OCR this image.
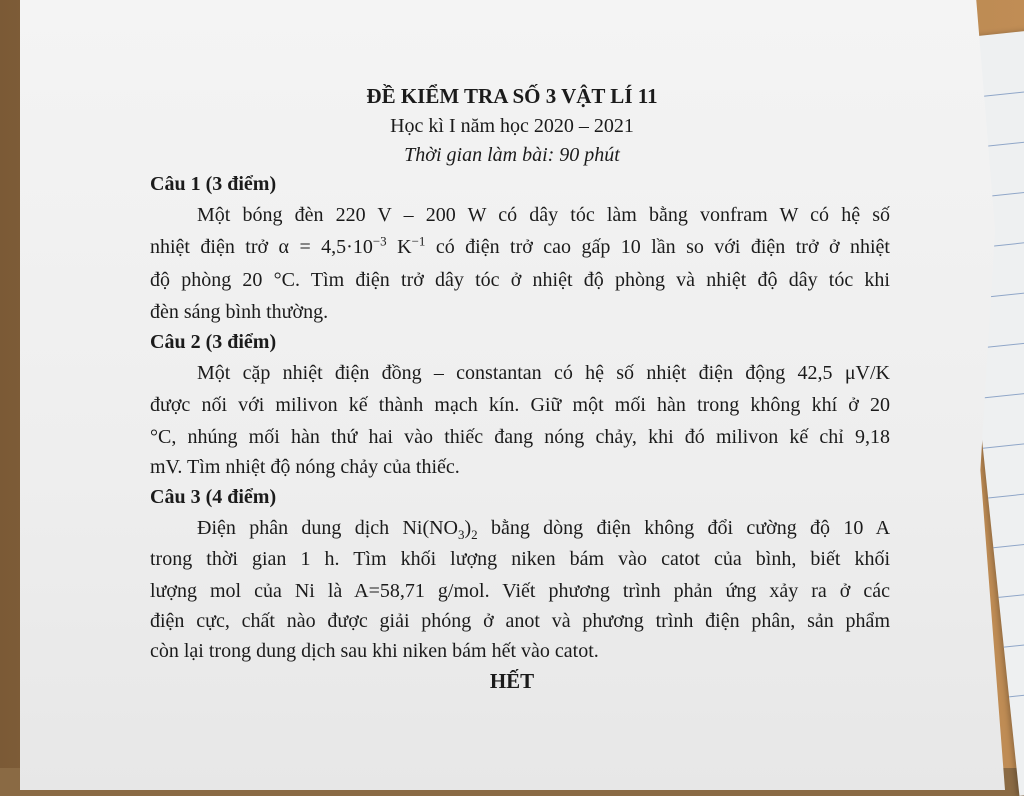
ĐỀ KIỂM TRA SỐ 3 VẬT LÍ 11
Học kì I năm học 2020 – 2021
Thời gian làm bài: 90 phút
Câu 1 (3 điểm)
Một bóng đèn 220 V – 200 W có dây tóc làm bằng vonfram W có hệ số
nhiệt điện trở $\alpha = 4,5\cdot 10^{-3}$ $K^{-1}$ có điện trở cao gấp 10 lần so với điện trở ở nhiệt
độ phòng 20 °C. Tìm điện trở dây tóc ở nhiệt độ phòng và nhiệt độ dây tóc khi
đèn sáng bình thường.
Câu 2 (3 điểm)
Một cặp nhiệt điện đồng – constantan có hệ số nhiệt điện động 42,5 μV/K
được nối với milivon kế thành mạch kín. Giữ một mối hàn trong không khí ở 20
°C, nhúng mối hàn thứ hai vào thiếc đang nóng chảy, khi đó milivon kế chỉ 9,18
mV. Tìm nhiệt độ nóng chảy của thiếc.
Câu 3 (4 điểm)
Điện phân dung dịch $Ni(NO_3)_2$ bằng dòng điện không đổi cường độ 10 A
trong thời gian 1 h. Tìm khối lượng niken bám vào catot của bình, biết khối
lượng mol của Ni là A=58,71 g/mol. Viết phương trình phản ứng xảy ra ở các
điện cực, chất nào được giải phóng ở anot và phương trình điện phân, sản phẩm
còn lại trong dung dịch sau khi niken bám hết vào catot.
HẾT
